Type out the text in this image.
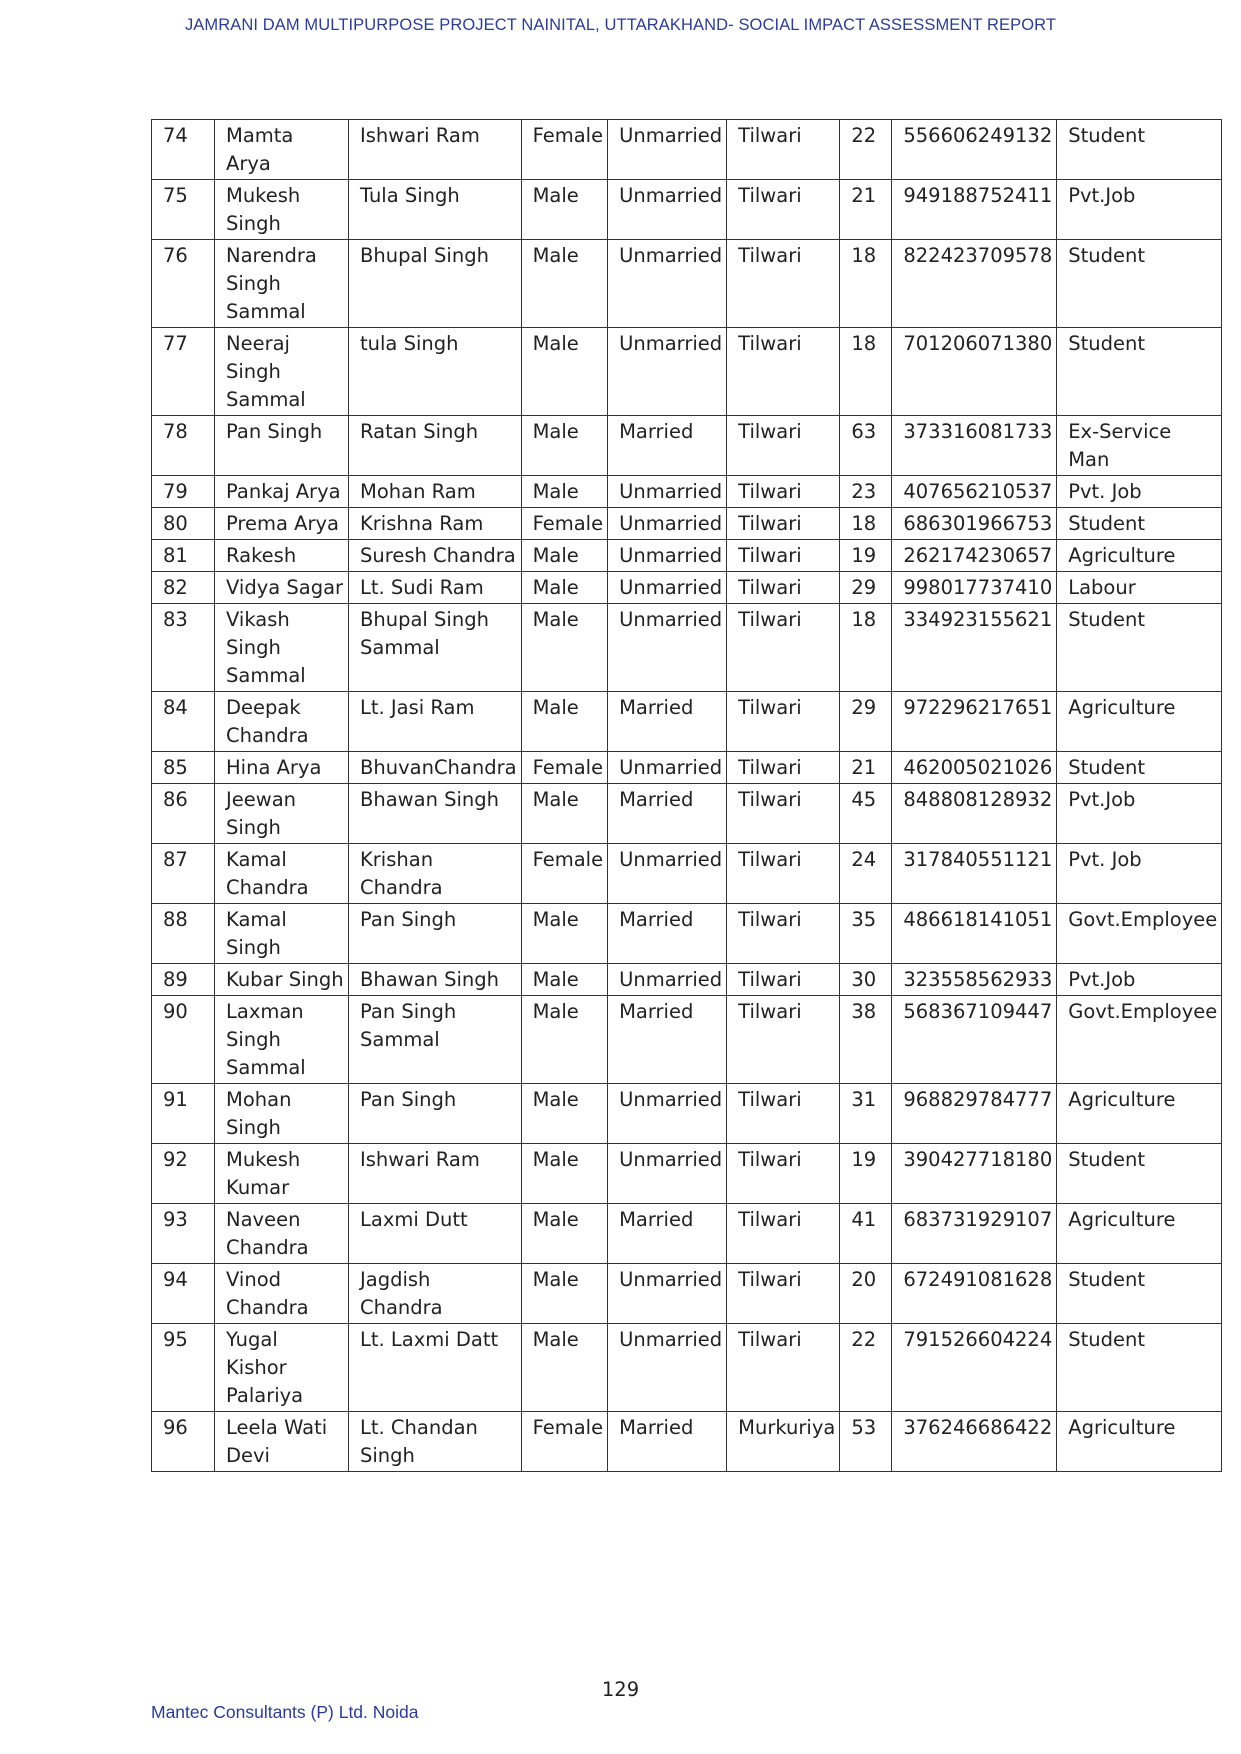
JAMRANI DAM MULTIPURPOSE PROJECT NAINITAL, UTTARAKHAND- SOCIAL IMPACT ASSESSMENT REPORT
74	Mamta Arya	Ishwari Ram	Female	Unmarried	Tilwari	22	556606249132	Student
75	Mukesh Singh	Tula Singh	Male	Unmarried	Tilwari	21	949188752411	Pvt.Job
76	Narendra Singh Sammal	Bhupal Singh	Male	Unmarried	Tilwari	18	822423709578	Student
77	Neeraj Singh Sammal	tula Singh	Male	Unmarried	Tilwari	18	701206071380	Student
78	Pan Singh	Ratan Singh	Male	Married	Tilwari	63	373316081733	Ex-Service Man
79	Pankaj Arya	Mohan Ram	Male	Unmarried	Tilwari	23	407656210537	Pvt. Job
80	Prema Arya	Krishna Ram	Female	Unmarried	Tilwari	18	686301966753	Student
81	Rakesh	Suresh Chandra	Male	Unmarried	Tilwari	19	262174230657	Agriculture
82	Vidya Sagar	Lt. Sudi Ram	Male	Unmarried	Tilwari	29	998017737410	Labour
83	Vikash Singh Sammal	Bhupal Singh Sammal	Male	Unmarried	Tilwari	18	334923155621	Student
84	Deepak Chandra	Lt. Jasi Ram	Male	Married	Tilwari	29	972296217651	Agriculture
85	Hina Arya	BhuvanChandra	Female	Unmarried	Tilwari	21	462005021026	Student
86	Jeewan Singh	Bhawan Singh	Male	Married	Tilwari	45	848808128932	Pvt.Job
87	Kamal Chandra	Krishan Chandra	Female	Unmarried	Tilwari	24	317840551121	Pvt. Job
88	Kamal Singh	Pan Singh	Male	Married	Tilwari	35	486618141051	Govt.Employee
89	Kubar Singh	Bhawan Singh	Male	Unmarried	Tilwari	30	323558562933	Pvt.Job
90	Laxman Singh Sammal	Pan Singh Sammal	Male	Married	Tilwari	38	568367109447	Govt.Employee
91	Mohan Singh	Pan Singh	Male	Unmarried	Tilwari	31	968829784777	Agriculture
92	Mukesh Kumar	Ishwari Ram	Male	Unmarried	Tilwari	19	390427718180	Student
93	Naveen Chandra	Laxmi Dutt	Male	Married	Tilwari	41	683731929107	Agriculture
94	Vinod Chandra	Jagdish Chandra	Male	Unmarried	Tilwari	20	672491081628	Student
95	Yugal Kishor Palariya	Lt. Laxmi Datt	Male	Unmarried	Tilwari	22	791526604224	Student
96	Leela Wati Devi	Lt. Chandan Singh	Female	Married	Murkuriya	53	376246686422	Agriculture
129
Mantec Consultants (P) Ltd. Noida
